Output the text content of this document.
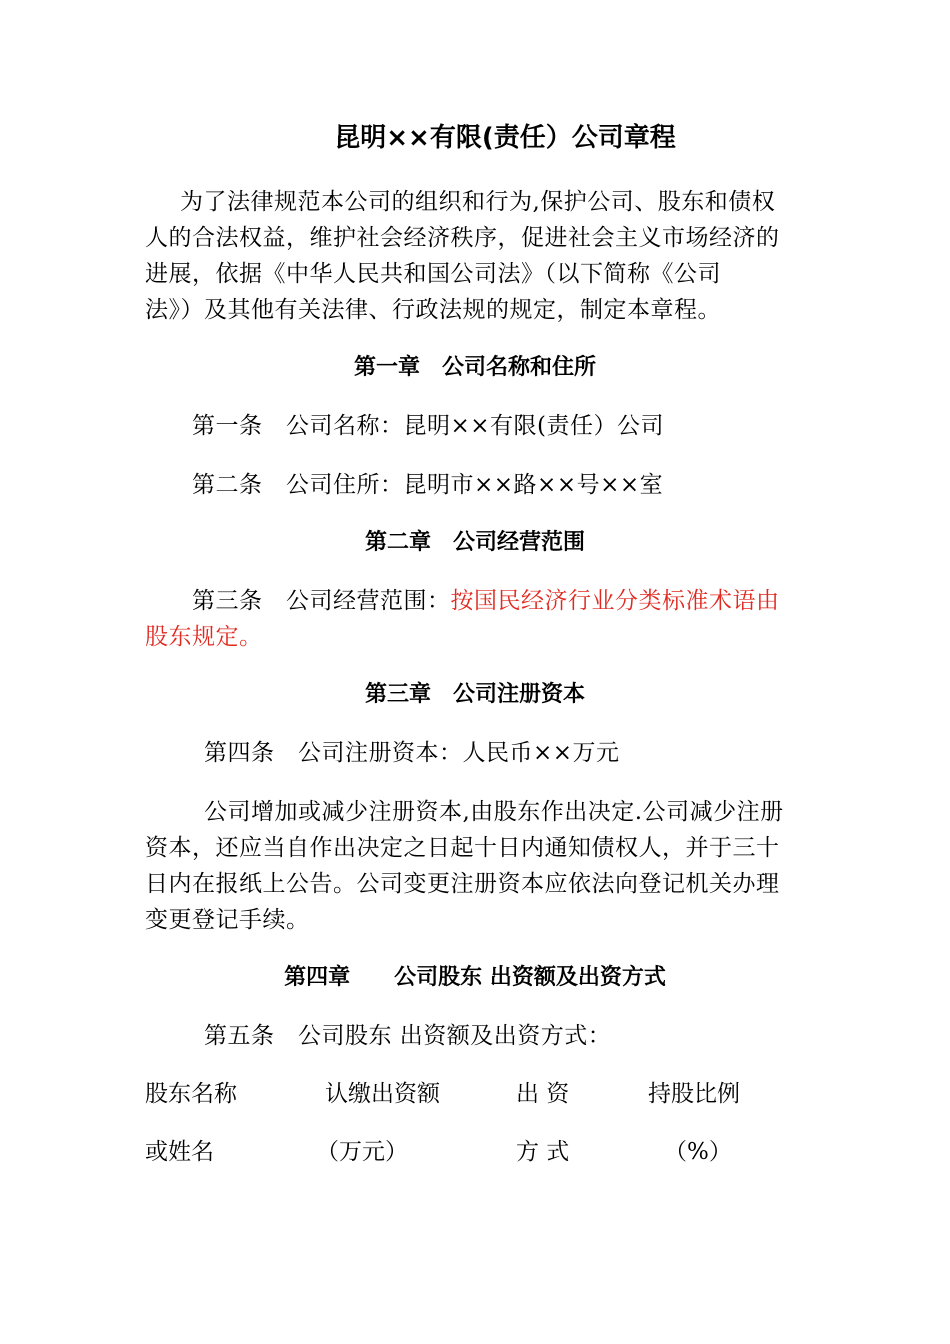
昆明××有限(责任）公司章程

为了法律规范本公司的组织和行为,保护公司、股东和债权

人的合法权益，维护社会经济秩序，促进社会主义市场经济的

进展，依据《中华人民共和国公司法》（以下简称《公司

法》）及其他有关法律、行政法规的规定，制定本章程。

第一章　公司名称和住所

第一条　公司名称：昆明××有限(责任）公司

第二条　公司住所：昆明市××路××号××室

第二章　公司经营范围

第三条　公司经营范围：按国民经济行业分类标准术语由

股东规定。

第三章　公司注册资本

第四条　公司注册资本：人民币××万元

公司增加或减少注册资本,由股东作出决定.公司减少注册

资本，还应当自作出决定之日起十日内通知债权人，并于三十

日内在报纸上公告。公司变更注册资本应依法向登记机关办理

变更登记手续。

第四章　　公司股东 出资额及出资方式

第五条　公司股东 出资额及出资方式：

股东名称	认缴出资额	出 资	持股比例

或姓名	（万元）	方 式	（%）
